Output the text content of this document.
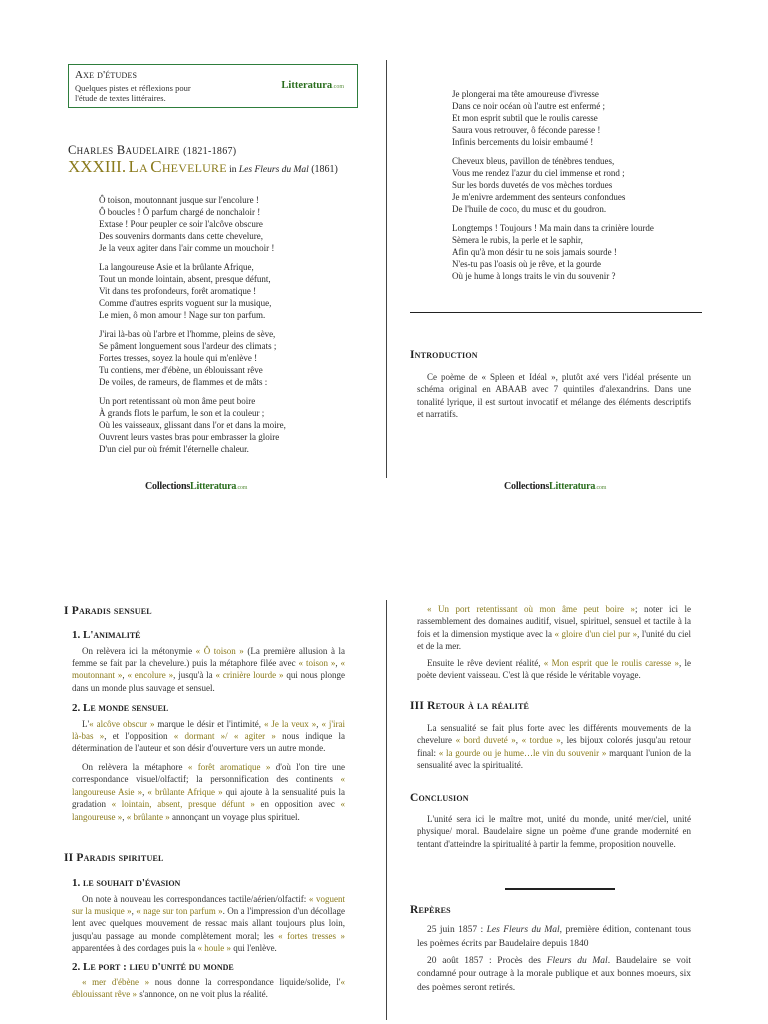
Axe d'études
Quelques pistes et réflexions pour
l'étude de textes littéraires.
Litteratura.com
Charles Baudelaire (1821-1867)
XXXIII. La Chevelure in Les Fleurs du Mal (1861)
Ô toison, moutonnant jusque sur l'encolure !
Ô boucles ! Ô parfum chargé de nonchaloir !
Extase ! Pour peupler ce soir l'alcôve obscure
Des souvenirs dormants dans cette chevelure,
Je la veux agiter dans l'air comme un mouchoir !
La langoureuse Asie et la brûlante Afrique,
Tout un monde lointain, absent, presque défunt,
Vit dans tes profondeurs, forêt aromatique !
Comme d'autres esprits voguent sur la musique,
Le mien, ô mon amour ! Nage sur ton parfum.
J'irai là-bas où l'arbre et l'homme, pleins de sève,
Se pâment longuement sous l'ardeur des climats ;
Fortes tresses, soyez la houle qui m'enlève !
Tu contiens, mer d'ébène, un éblouissant rêve
De voiles, de rameurs, de flammes et de mâts :
Un port retentissant où mon âme peut boire
À grands flots le parfum, le son et la couleur ;
Où les vaisseaux, glissant dans l'or et dans la moire,
Ouvrent leurs vastes bras pour embrasser la gloire
D'un ciel pur où frémit l'éternelle chaleur.
Je plongerai ma tête amoureuse d'ivresse
Dans ce noir océan où l'autre est enfermé ;
Et mon esprit subtil que le roulis caresse
Saura vous retrouver, ô féconde paresse !
Infinis bercements du loisir embaumé !
Cheveux bleus, pavillon de ténèbres tendues,
Vous me rendez l'azur du ciel immense et rond ;
Sur les bords duvetés de vos mèches tordues
Je m'enivre ardemment des senteurs confondues
De l'huile de coco, du musc et du goudron.
Longtemps ! Toujours ! Ma main dans ta crinière lourde
Sèmera le rubis, la perle et le saphir,
Afin qu'à mon désir tu ne sois jamais sourde !
N'es-tu pas l'oasis où je rêve, et la gourde
Où je hume à longs traits le vin du souvenir ?
CollectionsLitteratura.com	CollectionsLitteratura.com
Introduction

Ce poème de « Spleen et Idéal », plutôt axé vers l'idéal présente un schéma original en ABAAB avec 7 quintiles d'alexandrins. Dans une tonalité lyrique, il est surtout invocatif et mélange des éléments descriptifs et narratifs.

I Paradis sensuel
1. L'animalité

On relèvera ici la métonymie « Ô toison » (La première allusion à la femme se fait par la chevelure.) puis la métaphore filée avec « toison », « moutonnant », « encolure », jusqu'à la « crinière lourde » qui nous plonge dans un monde plus sauvage et sensuel.

2. Le monde sensuel

L'« alcôve obscur » marque le désir et l'intimité, « Je la veux », « j'irai là-bas », et l'opposition « dormant »/ « agiter » nous indique la détermination de l'auteur et son désir d'ouverture vers un autre monde.

On relèvera la métaphore « forêt aromatique » d'où l'on tire une correspondance visuel/olfactif; la personnification des continents « langoureuse Asie », « brûlante Afrique » qui ajoute à la sensualité puis la gradation « lointain, absent, presque défunt » en opposition avec « langoureuse », « brûlante » annonçant un voyage plus spirituel.

II Paradis spirituel
1. le souhait d'évasion

On note à nouveau les correspondances tactile/aérien/olfactif: « voguent sur la musique », « nage sur ton parfum ». On a l'impression d'un décollage lent avec quelques mouvement de ressac mais allant toujours plus loin, jusqu'au passage au monde complètement moral; les « fortes tresses » apparentées à des cordages puis la « houle » qui l'enlève.

2. Le port : lieu d'unité du monde

« mer d'ébène » nous donne la correspondance liquide/solide, l'« éblouissant rêve » s'annonce, on ne voit plus la réalité.

« Un port retentissant où mon âme peut boire »; noter ici le rassemblement des domaines auditif, visuel, spirituel, sensuel et tactile à la fois et la dimension mystique avec la « gloire d'un ciel pur », l'unité du ciel et de la mer.

Ensuite le rêve devient réalité, « Mon esprit que le roulis caresse », le poète devient vaisseau. C'est là que réside le véritable voyage.

III Retour à la réalité

La sensualité se fait plus forte avec les différents mouvements de la chevelure « bord duveté », « tordue », les bijoux colorés jusqu'au retour final: « la gourde ou je hume…le vin du souvenir » marquant l'union de la sensualité avec la spiritualité.

Conclusion

L'unité sera ici le maître mot, unité du monde, unité mer/ciel, unité physique/ moral. Baudelaire signe un poème d'une grande modernité en tentant d'atteindre la spiritualité à partir la femme, proposition nouvelle.

Repères

25 juin 1857 : Les Fleurs du Mal, première édition, contenant tous les poèmes écrits par Baudelaire depuis 1840

20 août 1857 : Procès des Fleurs du Mal. Baudelaire se voit condamné pour outrage à la morale publique et aux bonnes moeurs, six des poèmes seront retirés.
